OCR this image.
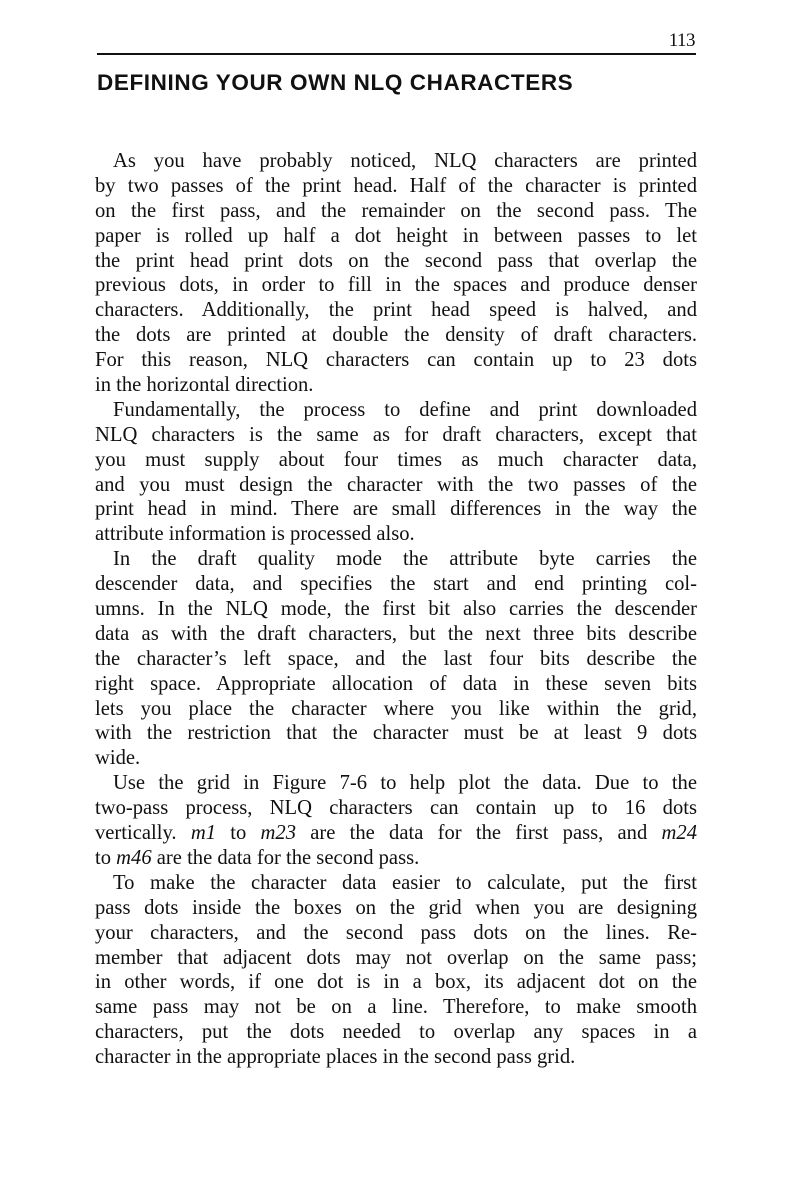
113
DEFINING YOUR OWN NLQ CHARACTERS
As you have probably noticed, NLQ characters are printed
by two passes of the print head. Half of the character is printed
on the first pass, and the remainder on the second pass. The
paper is rolled up half a dot height in between passes to let
the print head print dots on the second pass that overlap the
previous dots, in order to fill in the spaces and produce denser
characters. Additionally, the print head speed is halved, and
the dots are printed at double the density of draft characters.
For this reason, NLQ characters can contain up to 23 dots
in the horizontal direction.
Fundamentally, the process to define and print downloaded
NLQ characters is the same as for draft characters, except that
you must supply about four times as much character data,
and you must design the character with the two passes of the
print head in mind. There are small differences in the way the
attribute information is processed also.
In the draft quality mode the attribute byte carries the
descender data, and specifies the start and end printing col-
umns. In the NLQ mode, the first bit also carries the descender
data as with the draft characters, but the next three bits describe
the character’s left space, and the last four bits describe the
right space. Appropriate allocation of data in these seven bits
lets you place the character where you like within the grid,
with the restriction that the character must be at least 9 dots
wide.
Use the grid in Figure 7-6 to help plot the data. Due to the
two-pass process, NLQ characters can contain up to 16 dots
vertically. m1 to m23 are the data for the first pass, and m24
to m46 are the data for the second pass.
To make the character data easier to calculate, put the first
pass dots inside the boxes on the grid when you are designing
your characters, and the second pass dots on the lines. Re-
member that adjacent dots may not overlap on the same pass;
in other words, if one dot is in a box, its adjacent dot on the
same pass may not be on a line. Therefore, to make smooth
characters, put the dots needed to overlap any spaces in a
character in the appropriate places in the second pass grid.
